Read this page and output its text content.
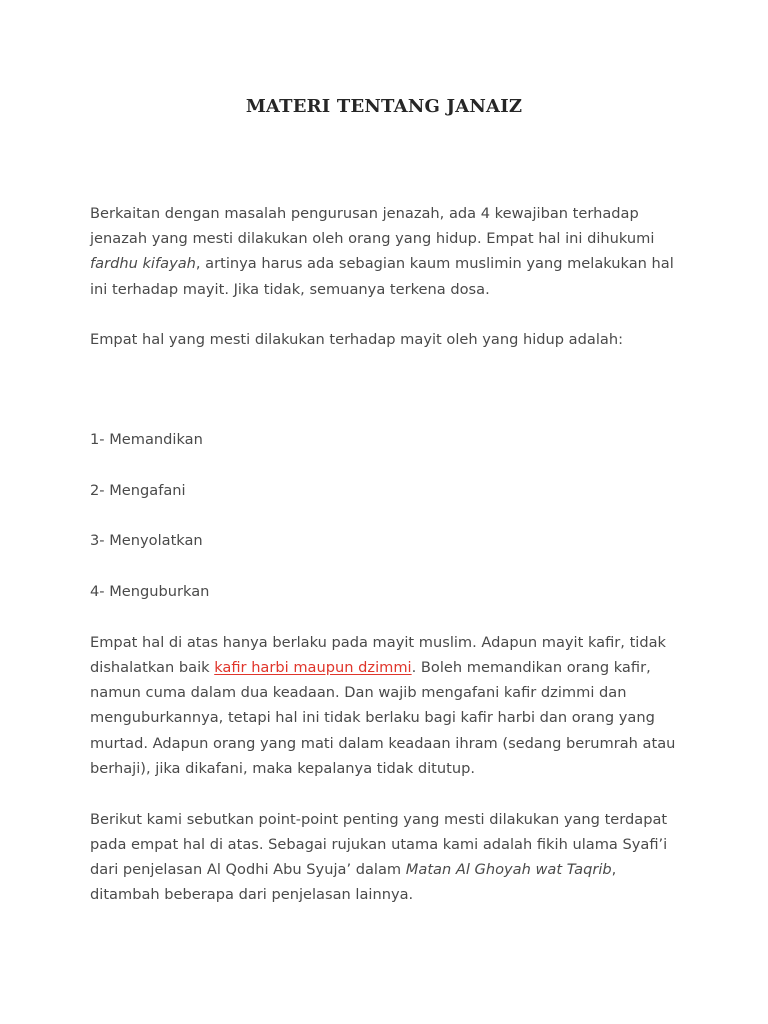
MATERI TENTANG JANAIZ

Berkaitan dengan masalah pengurusan jenazah, ada 4 kewajiban terhadap jenazah yang mesti dilakukan oleh orang yang hidup. Empat hal ini dihukumi fardhu kifayah, artinya harus ada sebagian kaum muslimin yang melakukan hal ini terhadap mayit. Jika tidak, semuanya terkena dosa.

Empat hal yang mesti dilakukan terhadap mayit oleh yang hidup adalah:

1- Memandikan

2- Mengafani

3- Menyolatkan

4- Menguburkan

Empat hal di atas hanya berlaku pada mayit muslim. Adapun mayit kafir, tidak dishalatkan baik kafir harbi maupun dzimmi. Boleh memandikan orang kafir, namun cuma dalam dua keadaan. Dan wajib mengafani kafir dzimmi dan menguburkannya, tetapi hal ini tidak berlaku bagi kafir harbi dan orang yang murtad. Adapun orang yang mati dalam keadaan ihram (sedang berumrah atau berhaji), jika dikafani, maka kepalanya tidak ditutup.

Berikut kami sebutkan point-point penting yang mesti dilakukan yang terdapat pada empat hal di atas. Sebagai rujukan utama kami adalah fikih ulama Syafi’i dari penjelasan Al Qodhi Abu Syuja’ dalam Matan Al Ghoyah wat Taqrib, ditambah beberapa dari penjelasan lainnya.
